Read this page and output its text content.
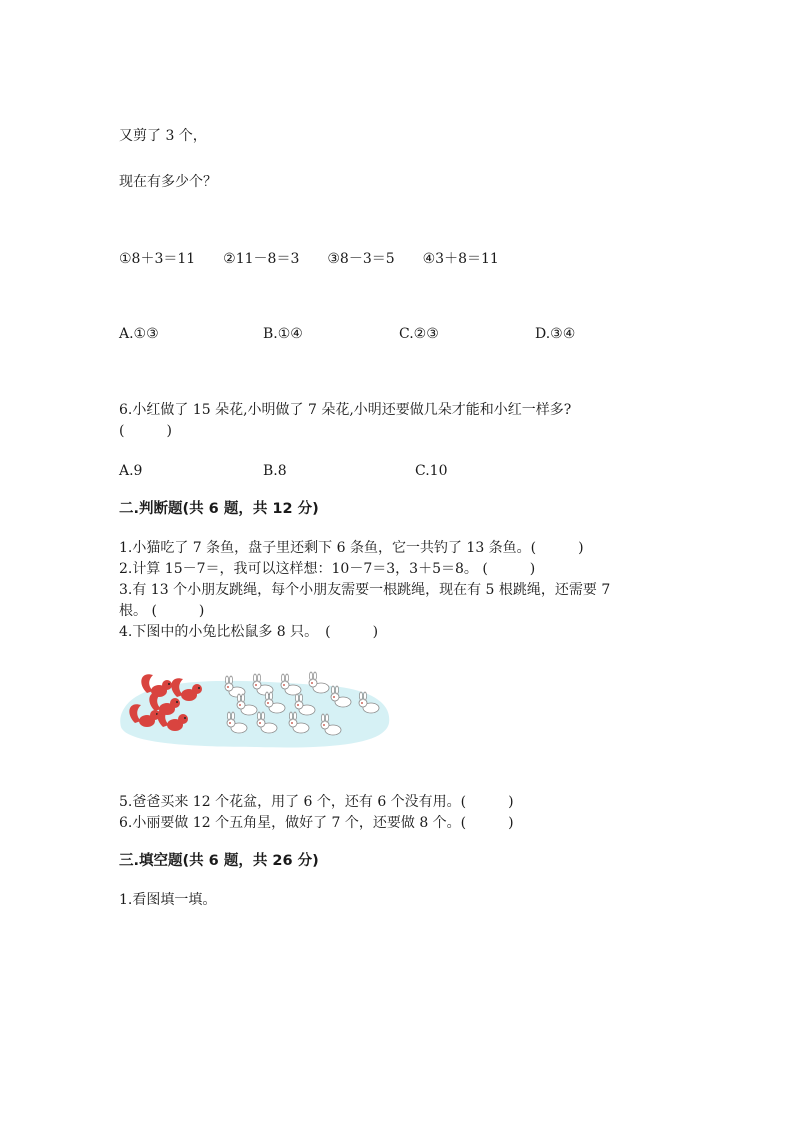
又剪了 3 个，
现在有多少个？
①8＋3＝11　　②11－8＝3　　③8－3＝5　　④3＋8＝11
A.①③	B.①④	C.②③	D.③④
6.小红做了 15 朵花,小明做了 7 朵花,小明还要做几朵才能和小红一样多?
(　　　)
A.9	B.8	C.10
二.判断题(共 6 题，共 12 分)
1.小猫吃了 7 条鱼，盘子里还剩下 6 条鱼，它一共钓了 13 条鱼。(　　　)
2.计算 15－7＝，我可以这样想：10－7＝3，3＋5＝8。 (　　　)
3.有 13 个小朋友跳绳，每个小朋友需要一根跳绳，现在有 5 根跳绳，还需要 7
根。 (　　　)
4.下图中的小兔比松鼠多 8 只。　(　　　)
5.爸爸买来 12 个花盆，用了 6 个，还有 6 个没有用。(　　　)
6.小丽要做 12 个五角星，做好了 7 个，还要做 8 个。(　　　)
三.填空题(共 6 题，共 26 分)
1.看图填一填。
